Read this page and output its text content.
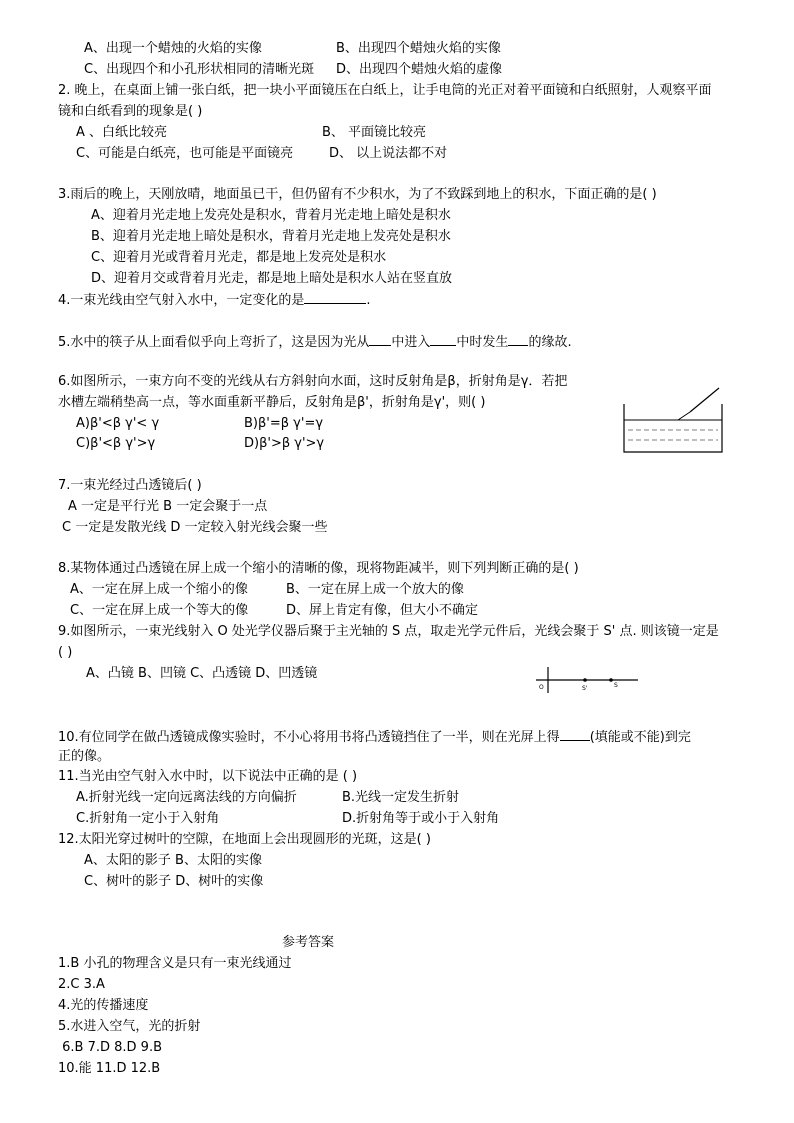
A、出现一个蜡烛的火焰的实像	B、出现四个蜡烛火焰的实像
C、出现四个和小孔形状相同的清晰光斑 D、出现四个蜡烛火焰的虚像
2. 晚上，在桌面上铺一张白纸，把一块小平面镜压在白纸上，让手电筒的光正对着平面镜和白纸照射，人观察平面
镜和白纸看到的现象是( )
A 、白纸比较亮	B、 平面镜比较亮
C、可能是白纸亮，也可能是平面镜亮	D、 以上说法都不对
3.雨后的晚上，天刚放晴，地面虽已干，但仍留有不少积水，为了不致踩到地上的积水，下面正确的是( )
A、迎着月光走地上发亮处是积水，背着月光走地上暗处是积水
B、迎着月光走地上暗处是积水，背着月光走地上发亮处是积水
C、迎着月光或背着月光走，都是地上发亮处是积水
D、迎着月交或背着月光走，都是地上暗处是积水人站在竖直放
4.一束光线由空气射入水中，一定变化的是	.
5.水中的筷子从上面看似乎向上弯折了，这是因为光从 中进入 中时发生 的缘故.
6.如图所示，一束方向不变的光线从右方斜射向水面，这时反射角是β，折射角是γ．若把
水槽左端稍垫高一点，等水面重新平静后，反射角是β'，折射角是γ'，则( )
A)β'<β γ'< γ	B)β'=β γ'=γ
C)β'<β γ'>γ	D)β'>β γ'>γ
7.一束光经过凸透镜后( )
A 一定是平行光 B 一定会聚于一点
C 一定是发散光线 D 一定较入射光线会聚一些
8.某物体通过凸透镜在屏上成一个缩小的清晰的像，现将物距减半，则下列判断正确的是( )
A、一定在屏上成一个缩小的像	B、一定在屏上成一个放大的像
C、一定在屏上成一个等大的像	D、屏上肯定有像，但大小不确定
9.如图所示，一束光线射入 O 处光学仪器后聚于主光轴的 S 点，取走光学元件后，光线会聚于 S' 点. 则该镜一定是
( )
A、凸镜 B、凹镜 C、凸透镜 D、凹透镜
O	S'	S
10.有位同学在做凸透镜成像实验时，不小心将用书将凸透镜挡住了一半，则在光屏上得 (填能或不能)到完
正的像。
11.当光由空气射入水中时，以下说法中正确的是 ( )
A.折射光线一定向远离法线的方向偏折	B.光线一定发生折射
C.折射角一定小于入射角	D.折射角等于或小于入射角
12.太阳光穿过树叶的空隙，在地面上会出现圆形的光斑，这是( )
A、太阳的影子 B、太阳的实像
C、树叶的影子 D、树叶的实像
参考答案
1.B 小孔的物理含义是只有一束光线通过
2.C 3.A
4.光的传播速度
5.水进入空气，光的折射
6.B 7.D 8.D 9.B
10.能 11.D 12.B
